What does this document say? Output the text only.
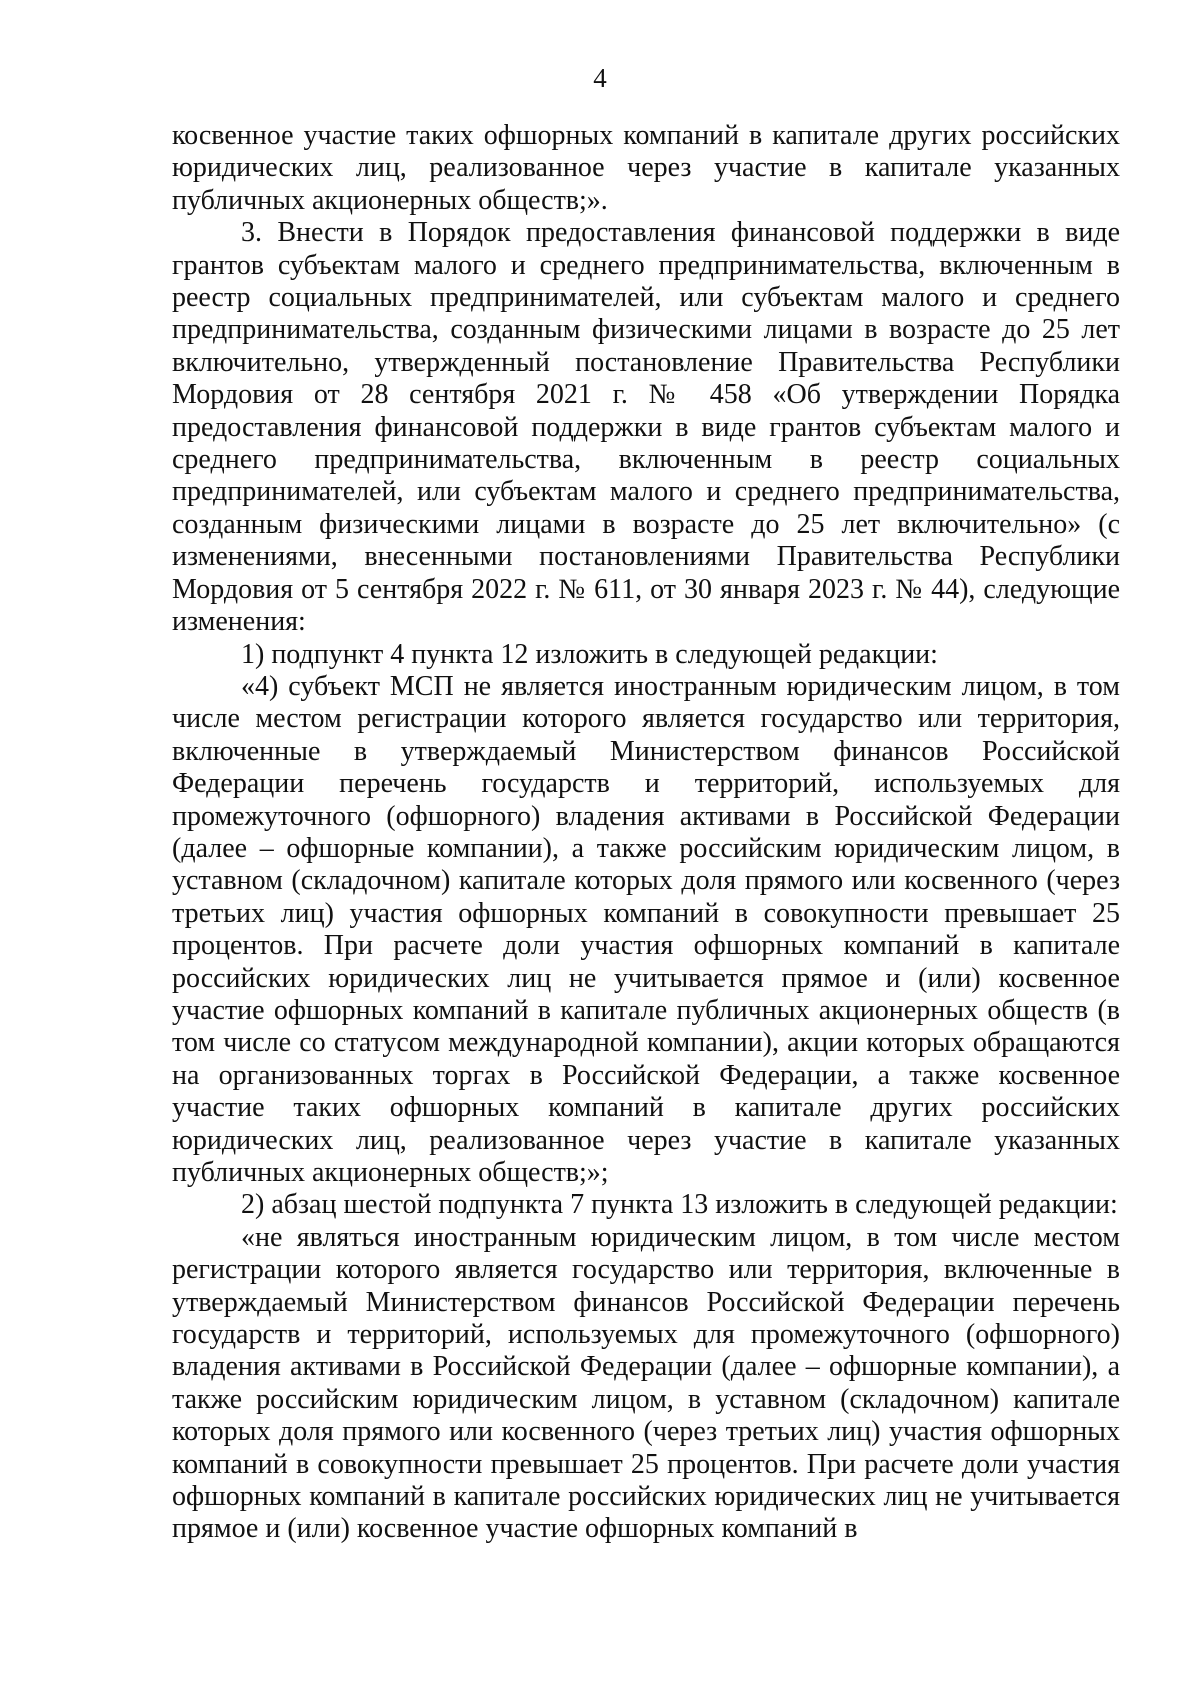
4

косвенное участие таких офшорных компаний в капитале других российских юридических лиц, реализованное через участие в капитале указанных публичных акционерных обществ;».

3. Внести в Порядок предоставления финансовой поддержки в виде грантов субъектам малого и среднего предпринимательства, включенным в реестр социальных предпринимателей, или субъектам малого и среднего предпринимательства, созданным физическими лицами в возрасте до 25 лет включительно, утвержденный постановление Правительства Республики Мордовия от 28 сентября 2021 г. № 458 «Об утверждении Порядка предоставления финансовой поддержки в виде грантов субъектам малого и среднего предпринимательства, включенным в реестр социальных предпринимателей, или субъектам малого и среднего предпринимательства, созданным физическими лицами в возрасте до 25 лет включительно» (с изменениями, внесенными постановлениями Правительства Республики Мордовия от 5 сентября 2022 г. № 611, от 30 января 2023 г. № 44), следующие изменения:

1) подпункт 4 пункта 12 изложить в следующей редакции:

«4) субъект МСП не является иностранным юридическим лицом, в том числе местом регистрации которого является государство или территория, включенные в утверждаемый Министерством финансов Российской Федерации перечень государств и территорий, используемых для промежуточного (офшорного) владения активами в Российской Федерации (далее – офшорные компании), а также российским юридическим лицом, в уставном (складочном) капитале которых доля прямого или косвенного (через третьих лиц) участия офшорных компаний в совокупности превышает 25 процентов. При расчете доли участия офшорных компаний в капитале российских юридических лиц не учитывается прямое и (или) косвенное участие офшорных компаний в капитале публичных акционерных обществ (в том числе со статусом международной компании), акции которых обращаются на организованных торгах в Российской Федерации, а также косвенное участие таких офшорных компаний в капитале других российских юридических лиц, реализованное через участие в капитале указанных публичных акционерных обществ;»;

2) абзац шестой подпункта 7 пункта 13 изложить в следующей редакции:

«не являться иностранным юридическим лицом, в том числе местом регистрации которого является государство или территория, включенные в утверждаемый Министерством финансов Российской Федерации перечень государств и территорий, используемых для промежуточного (офшорного) владения активами в Российской Федерации (далее – офшорные компании), а также российским юридическим лицом, в уставном (складочном) капитале которых доля прямого или косвенного (через третьих лиц) участия офшорных компаний в совокупности превышает 25 процентов. При расчете доли участия офшорных компаний в капитале российских юридических лиц не учитывается прямое и (или) косвенное участие офшорных компаний в
